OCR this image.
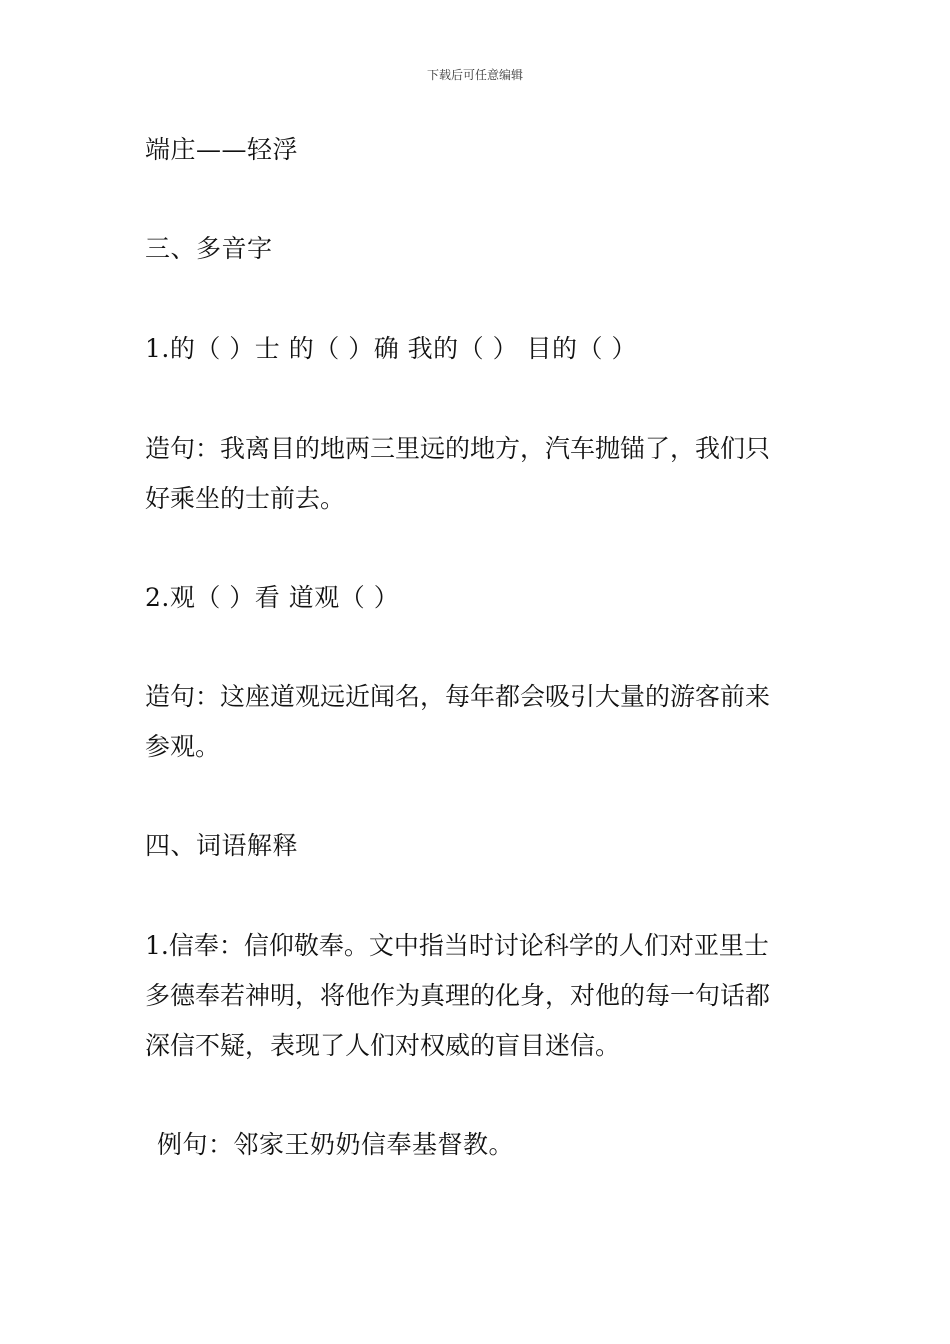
下载后可任意编辑
端庄——轻浮
三、多音字
1.的（ ）士 的（ ）确 我的（ ） 目的（ ）
造句：我离目的地两三里远的地方，汽车抛锚了，我们只
好乘坐的士前去。
2.观（ ）看 道观（ ）
造句：这座道观远近闻名，每年都会吸引大量的游客前来
参观。
四、词语解释
1.信奉：信仰敬奉。文中指当时讨论科学的人们对亚里士
多德奉若神明，将他作为真理的化身，对他的每一句话都
深信不疑，表现了人们对权威的盲目迷信。
例句：邻家王奶奶信奉基督教。
